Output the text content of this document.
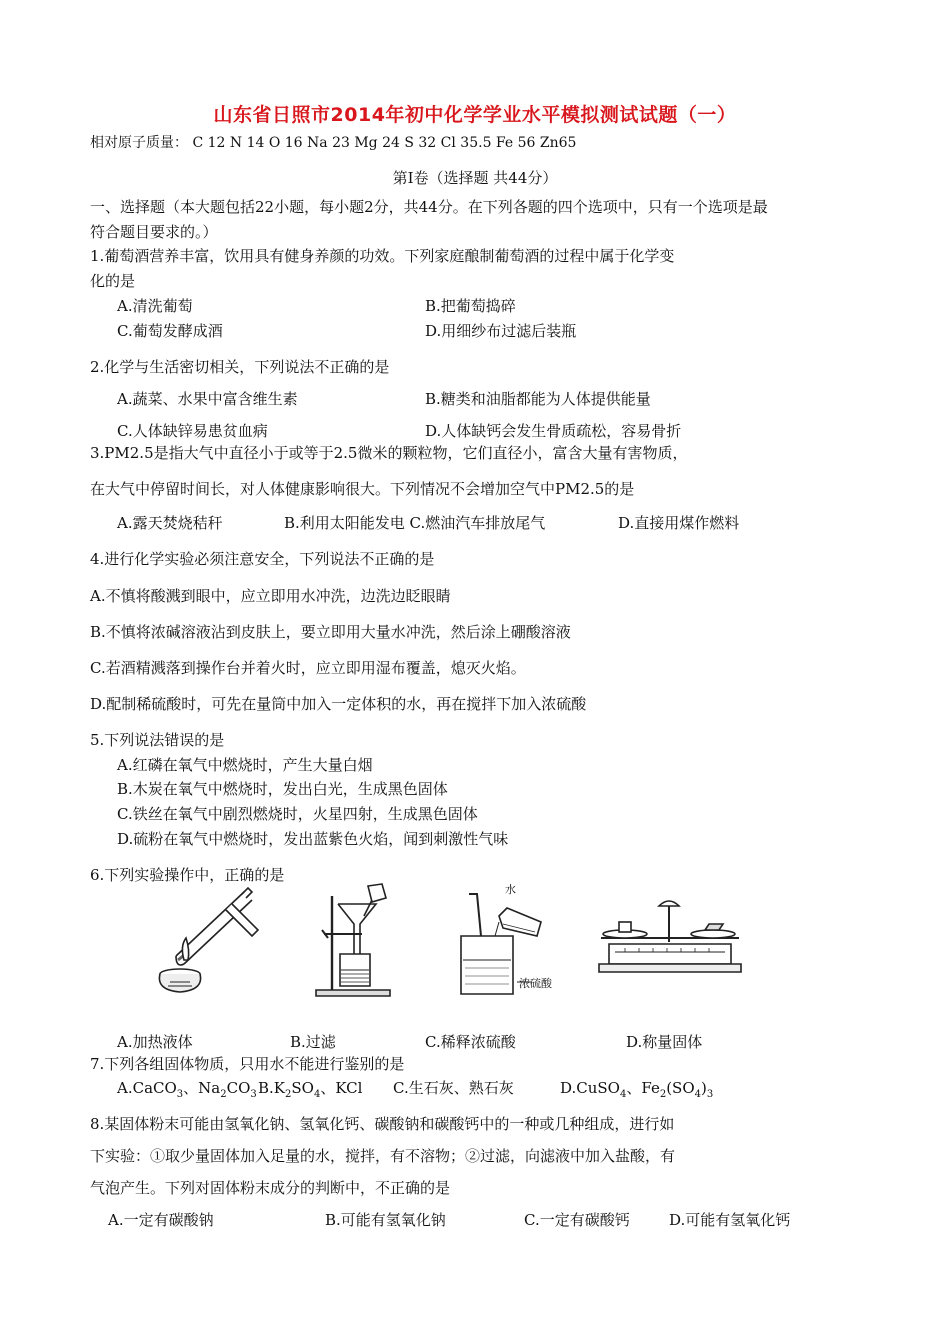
山东省日照市2014年初中化学学业水平模拟测试试题（一）
相对原子质量： C 12 N 14 O 16 Na 23 Mg 24 S 32 Cl 35.5 Fe 56 Zn65
第Ⅰ卷（选择题 共44分）
一、选择题（本大题包括22小题，每小题2分，共44分。在下列各题的四个选项中，只有一个选项是最
符合题目要求的。）
1.葡萄酒营养丰富，饮用具有健身养颜的功效。下列家庭酿制葡萄酒的过程中属于化学变
化的是
A.清洗葡萄	B.把葡萄捣碎
C.葡萄发酵成酒	D.用细纱布过滤后装瓶
2.化学与生活密切相关，下列说法不正确的是
A.蔬菜、水果中富含维生素	B.糖类和油脂都能为人体提供能量
C.人体缺锌易患贫血病	D.人体缺钙会发生骨质疏松，容易骨折
3.PM2.5是指大气中直径小于或等于2.5微米的颗粒物，它们直径小，富含大量有害物质，
在大气中停留时间长，对人体健康影响很大。下列情况不会增加空气中PM2.5的是
A.露天焚烧秸秆	B.利用太阳能发电 C.燃油汽车排放尾气	D.直接用煤作燃料
4.进行化学实验必须注意安全，下列说法不正确的是
A.不慎将酸溅到眼中，应立即用水冲洗，边洗边眨眼睛
B.不慎将浓碱溶液沾到皮肤上，要立即用大量水冲洗，然后涂上硼酸溶液
C.若酒精溅落到操作台并着火时，应立即用湿布覆盖，熄灭火焰。
D.配制稀硫酸时，可先在量筒中加入一定体积的水，再在搅拌下加入浓硫酸
5.下列说法错误的是
A.红磷在氧气中燃烧时，产生大量白烟
B.木炭在氧气中燃烧时，发出白光，生成黑色固体
C.铁丝在氧气中剧烈燃烧时，火星四射，生成黑色固体
D.硫粉在氧气中燃烧时，发出蓝紫色火焰，闻到刺激性气味
6.下列实验操作中，正确的是
水
浓硫酸
A.加热液体	B.过滤	C.稀释浓硫酸	D.称量固体
7.下列各组固体物质，只用水不能进行鉴别的是
A.CaCO$_3$、$Na_2CO_3$ $B.K_2SO_4$、KCl C.生石灰、熟石灰	D.CuSO$_4$、$Fe_2(SO_4)_3$
8.某固体粉末可能由氢氧化钠、氢氧化钙、碳酸钠和碳酸钙中的一种或几种组成，进行如
下实验：①取少量固体加入足量的水，搅拌，有不溶物；②过滤，向滤液中加入盐酸，有
气泡产生。下列对固体粉末成分的判断中，不正确的是
A.一定有碳酸钠	B.可能有氢氧化钠	C.一定有碳酸钙	D.可能有氢氧化钙
